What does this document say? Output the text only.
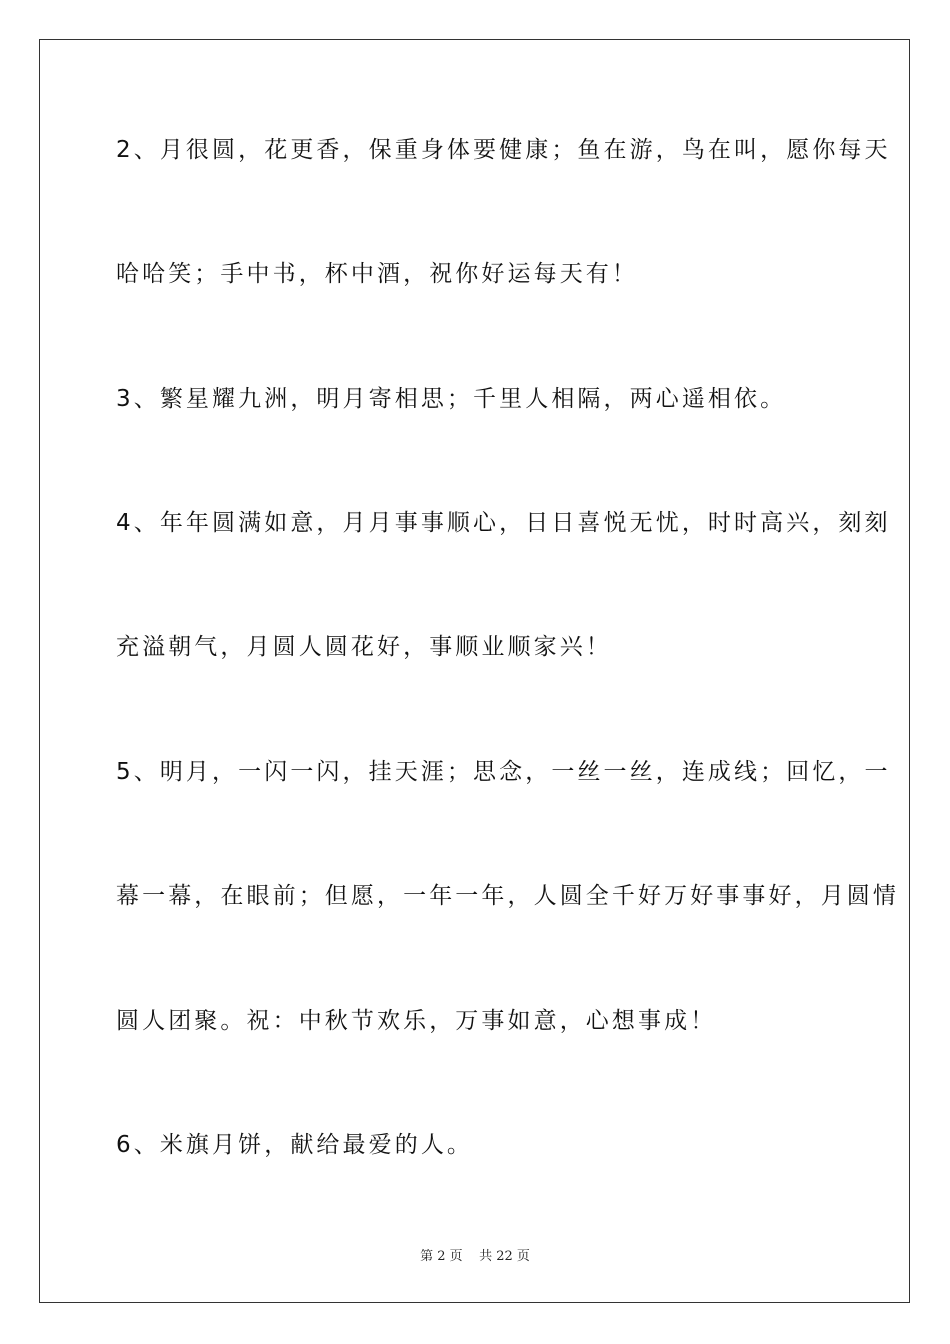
2、月很圆，花更香，保重身体要健康；鱼在游，鸟在叫，愿你每天
哈哈笑；手中书，杯中酒，祝你好运每天有！
3、繁星耀九洲，明月寄相思；千里人相隔，两心遥相依。
4、年年圆满如意，月月事事顺心，日日喜悦无忧，时时高兴，刻刻
充溢朝气，月圆人圆花好，事顺业顺家兴！
5、明月，一闪一闪，挂天涯；思念，一丝一丝，连成线；回忆，一
幕一幕，在眼前；但愿，一年一年，人圆全千好万好事事好，月圆情
圆人团聚。祝：中秋节欢乐，万事如意，心想事成！
6、米旗月饼，献给最爱的人。
第 2 页    共 22 页
